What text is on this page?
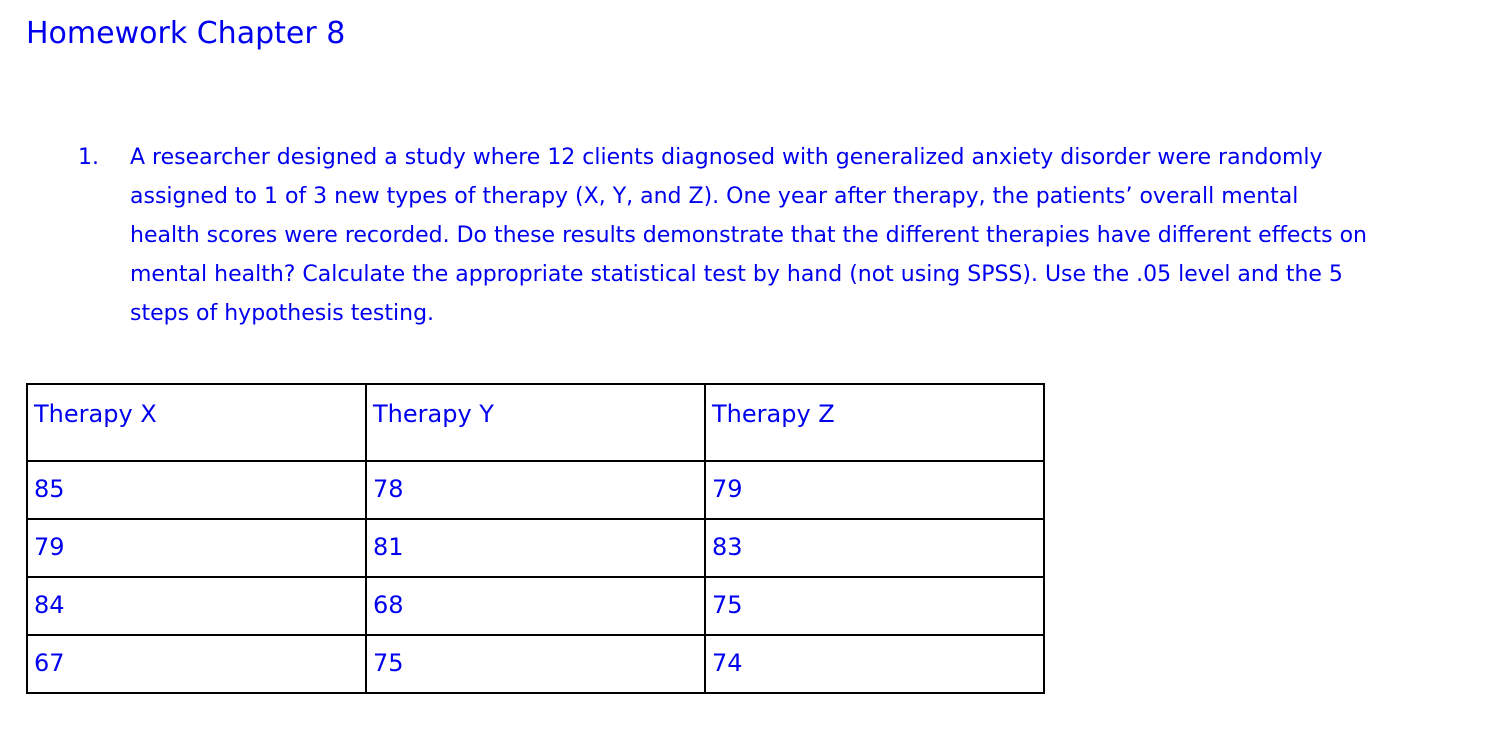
Homework Chapter 8
1.	A researcher designed a study where 12 clients diagnosed with generalized anxiety disorder were randomly assigned to 1 of 3 new types of therapy (X, Y, and Z). One year after therapy, the patients’ overall mental health scores were recorded. Do these results demonstrate that the different therapies have different effects on mental health? Calculate the appropriate statistical test by hand (not using SPSS). Use the .05 level and the 5 steps of hypothesis testing.

Therapy X	Therapy Y	Therapy Z
85	78	79
79	81	83
84	68	75
67	75	74
